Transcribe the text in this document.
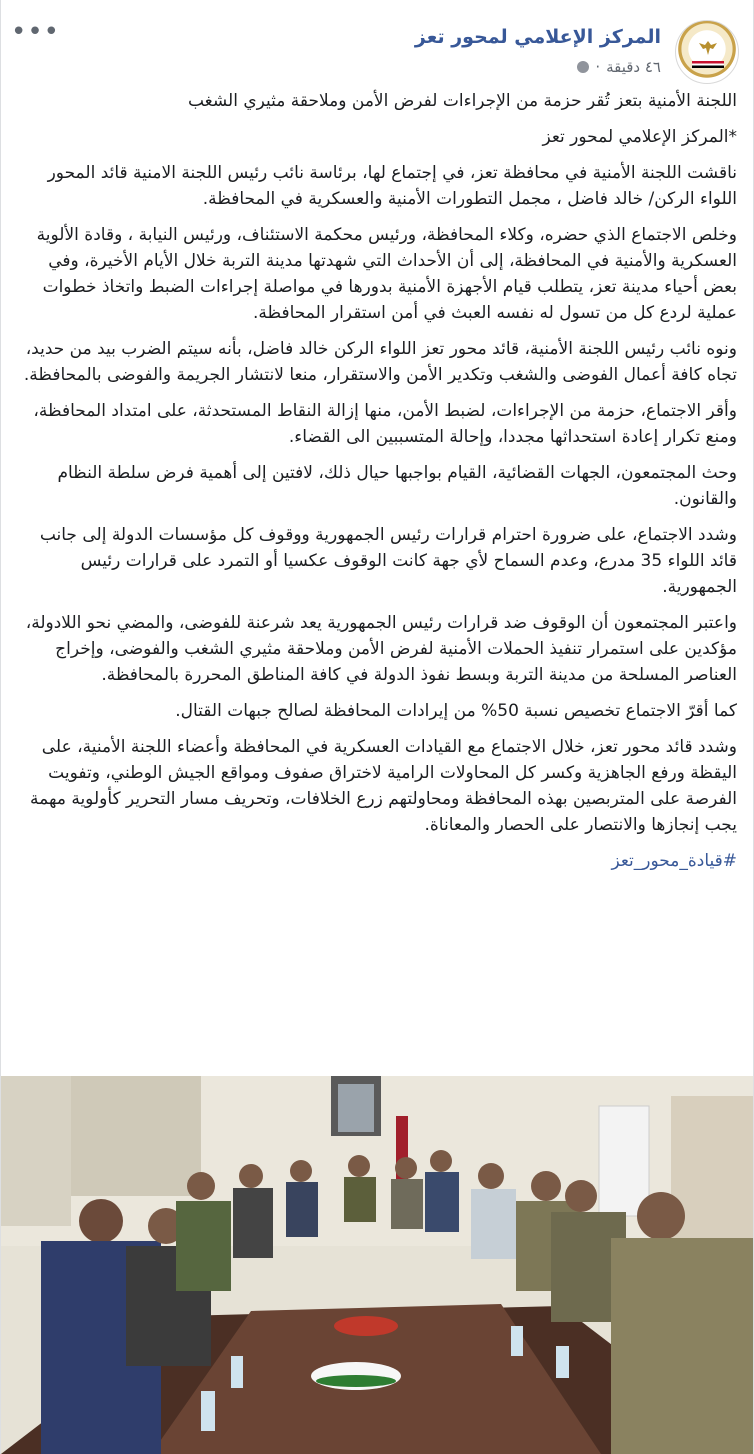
المركز الإعلامي لمحور تعز
٤٦ دقيقة
·
•••

اللجنة الأمنية بتعز تُقر حزمة من الإجراءات لفرض الأمن وملاحقة مثيري الشغب

*المركز الإعلامي لمحور تعز

ناقشت اللجنة الأمنية في محافظة تعز، في إجتماع لها، برئاسة نائب رئيس اللجنة الامنية قائد المحور اللواء الركن/ خالد فاضل ، مجمل التطورات الأمنية والعسكرية في المحافظة.

وخلص الاجتماع الذي حضره، وكلاء المحافظة، ورئيس محكمة الاستئناف، ورئيس النيابة ، وقادة الألوية العسكرية والأمنية في المحافظة، إلى أن الأحداث التي شهدتها مدينة التربة خلال الأيام الأخيرة، وفي بعض أحياء مدينة تعز، يتطلب قيام الأجهزة الأمنية بدورها في مواصلة إجراءات الضبط واتخاذ خطوات عملية لردع كل من تسول له نفسه العبث في أمن استقرار المحافظة.

ونوه نائب رئيس اللجنة الأمنية، قائد محور تعز اللواء الركن خالد فاضل، بأنه سيتم الضرب بيد من حديد، تجاه كافة أعمال الفوضى والشغب وتكدير الأمن والاستقرار، منعا لانتشار الجريمة والفوضى بالمحافظة.

وأقر الاجتماع، حزمة من الإجراءات، لضبط الأمن، منها إزالة النقاط المستحدثة، على امتداد المحافظة، ومنع تكرار إعادة استحداثها مجددا، وإحالة المتسببين الى القضاء.

وحث المجتمعون، الجهات القضائية، القيام بواجبها حيال ذلك، لافتين إلى أهمية فرض سلطة النظام والقانون.

وشدد الاجتماع، على ضرورة احترام قرارات رئيس الجمهورية ووقوف كل مؤسسات الدولة إلى جانب قائد اللواء 35 مدرع، وعدم السماح لأي جهة كانت الوقوف عكسيا أو التمرد على قرارات رئيس الجمهورية.

واعتبر المجتمعون أن الوقوف ضد قرارات رئيس الجمهورية يعد شرعنة للفوضى، والمضي نحو اللادولة، مؤكدين على استمرار تنفيذ الحملات الأمنية لفرض الأمن وملاحقة مثيري الشغب والفوضى، وإخراج العناصر المسلحة من مدينة التربة وبسط نفوذ الدولة في كافة المناطق المحررة بالمحافظة.

كما أقرّ الاجتماع تخصيص نسبة 50% من إيرادات المحافظة لصالح جبهات القتال.

وشدد قائد محور تعز، خلال الاجتماع مع القيادات العسكرية في المحافظة وأعضاء اللجنة الأمنية، على اليقظة ورفع الجاهزية وكسر كل المحاولات الرامية لاختراق صفوف ومواقع الجيش الوطني، وتفويت الفرصة على المتربصين بهذه المحافظة ومحاولتهم زرع الخلافات، وتحريف مسار التحرير كأولوية مهمة يجب إنجازها والانتصار على الحصار والمعاناة.

#قيادة_محور_تعز
